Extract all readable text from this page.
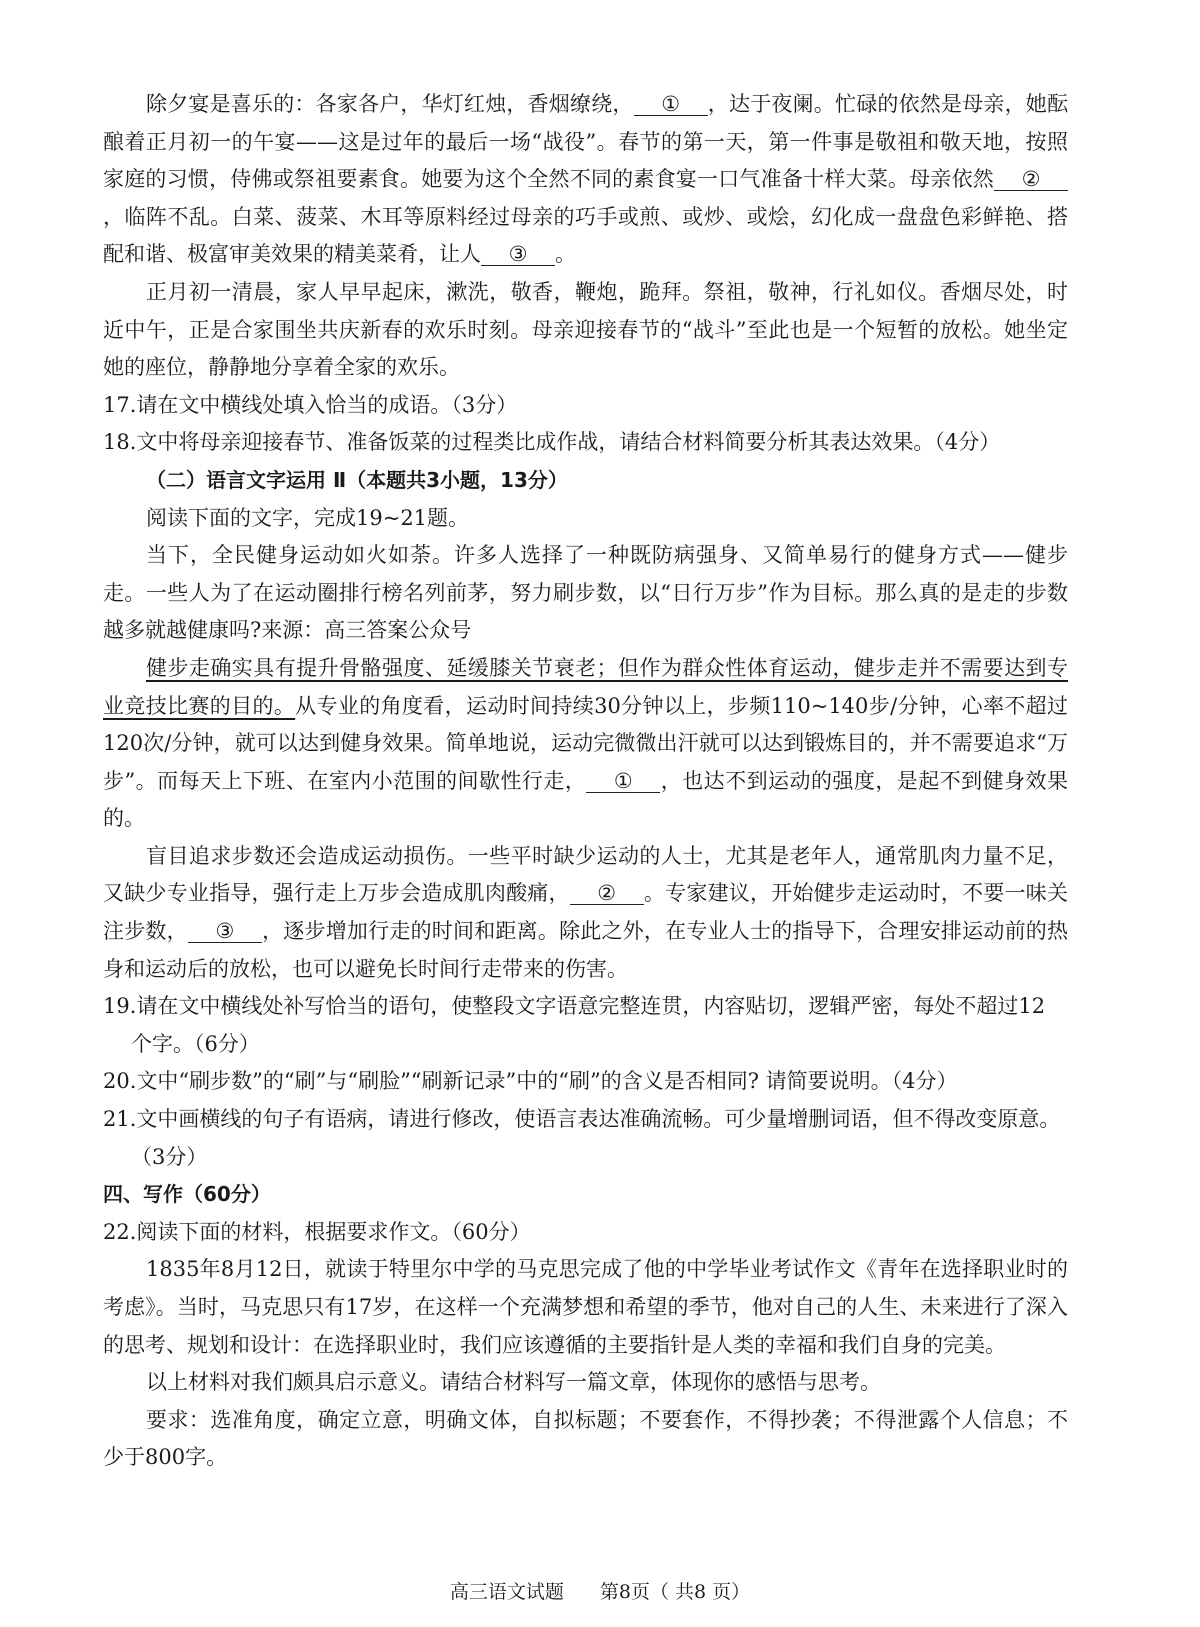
除夕宴是喜乐的：各家各户，华灯红烛，香烟缭绕， ① ，达于夜阑。忙碌的依然是母亲，她酝酿着正月初一的午宴——这是过年的最后一场“战役”。春节的第一天，第一件事是敬祖和敬天地，按照家庭的习惯，侍佛或祭祖要素食。她要为这个全然不同的素食宴一口气准备十样大菜。母亲依然 ②，临阵不乱。白菜、菠菜、木耳等原料经过母亲的巧手或煎、或炒、或烩，幻化成一盘盘色彩鲜艳、搭配和谐、极富审美效果的精美菜肴，让人 ③ 。

正月初一清晨，家人早早起床，漱洗，敬香，鞭炮，跪拜。祭祖，敬神，行礼如仪。香烟尽处，时近中午，正是合家围坐共庆新春的欢乐时刻。母亲迎接春节的“战斗”至此也是一个短暂的放松。她坐定她的座位，静静地分享着全家的欢乐。

17.请在文中横线处填入恰当的成语。（3分）

18.文中将母亲迎接春节、准备饭菜的过程类比成作战，请结合材料简要分析其表达效果。（4分）

（二）语言文字运用 Ⅱ（本题共3小题，13分）

阅读下面的文字，完成19~21题。

当下，全民健身运动如火如荼。许多人选择了一种既防病强身、又简单易行的健身方式——健步走。一些人为了在运动圈排行榜名列前茅，努力刷步数，以“日行万步”作为目标。那么真的是走的步数越多就越健康吗?来源：高三答案公众号

健步走确实具有提升骨骼强度、延缓膝关节衰老；但作为群众性体育运动，健步走并不需要达到专业竞技比赛的目的。从专业的角度看，运动时间持续30分钟以上，步频110~140步/分钟，心率不超过120次/分钟，就可以达到健身效果。简单地说，运动完微微出汗就可以达到锻炼目的，并不需要追求“万步”。而每天上下班、在室内小范围的间歇性行走， ① ，也达不到运动的强度，是起不到健身效果的。

盲目追求步数还会造成运动损伤。一些平时缺少运动的人士，尤其是老年人，通常肌肉力量不足，又缺少专业指导，强行走上万步会造成肌肉酸痛， ② 。专家建议，开始健步走运动时，不要一味关注步数， ③ ，逐步增加行走的时间和距离。除此之外，在专业人士的指导下，合理安排运动前的热身和运动后的放松，也可以避免长时间行走带来的伤害。

19.请在文中横线处补写恰当的语句，使整段文字语意完整连贯，内容贴切，逻辑严密，每处不超过12
个字。（6分）

20.文中“刷步数”的“刷”与“刷脸”“刷新记录”中的“刷”的含义是否相同? 请简要说明。（4分）

21.文中画横线的句子有语病，请进行修改，使语言表达准确流畅。可少量增删词语，但不得改变原意。
（3分）

四、写作（60分）

22.阅读下面的材料，根据要求作文。（60分）

1835年8月12日，就读于特里尔中学的马克思完成了他的中学毕业考试作文《青年在选择职业时的考虑》。当时，马克思只有17岁，在这样一个充满梦想和希望的季节，他对自己的人生、未来进行了深入的思考、规划和设计：在选择职业时，我们应该遵循的主要指针是人类的幸福和我们自身的完美。

以上材料对我们颇具启示意义。请结合材料写一篇文章，体现你的感悟与思考。

要求：选准角度，确定立意，明确文体，自拟标题；不要套作，不得抄袭；不得泄露个人信息；不少于800字。

高三语文试题 第8页（ 共8 页）
